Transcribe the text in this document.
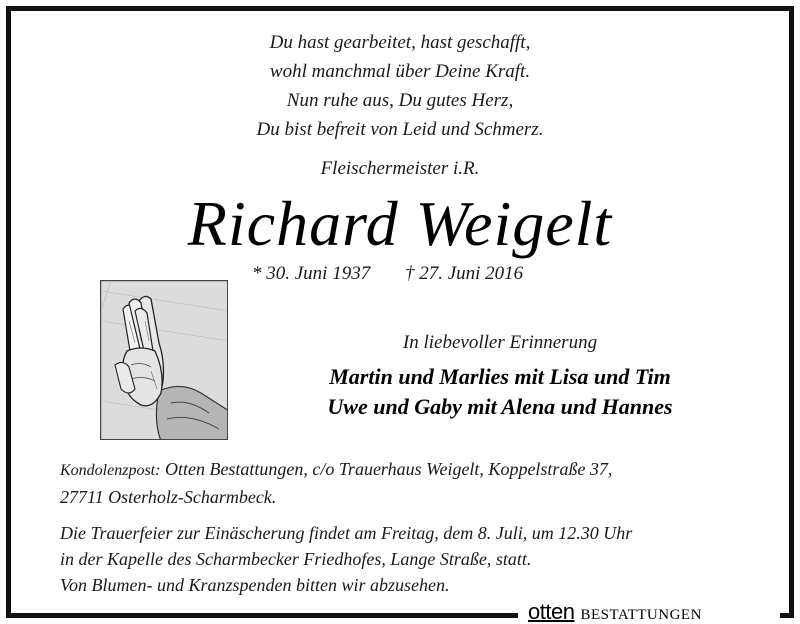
Du hast gearbeitet, hast geschafft,
wohl manchmal über Deine Kraft.
Nun ruhe aus, Du gutes Herz,
Du bist befreit von Leid und Schmerz.
Fleischermeister i.R.
Richard Weigelt
* 30. Juni 1937 † 27. Juni 2016
In liebevoller Erinnerung
Martin und Marlies mit Lisa und Tim
Uwe und Gaby mit Alena und Hannes
Kondolenzpost: Otten Bestattungen, c/o Trauerhaus Weigelt, Koppelstraße 37,
27711 Osterholz-Scharmbeck.
Die Trauerfeier zur Einäscherung findet am Freitag, dem 8. Juli, um 12.30 Uhr
in der Kapelle des Scharmbecker Friedhofes, Lange Straße, statt.
Von Blumen- und Kranzspenden bitten wir abzusehen.
otten BESTATTUNGEN
